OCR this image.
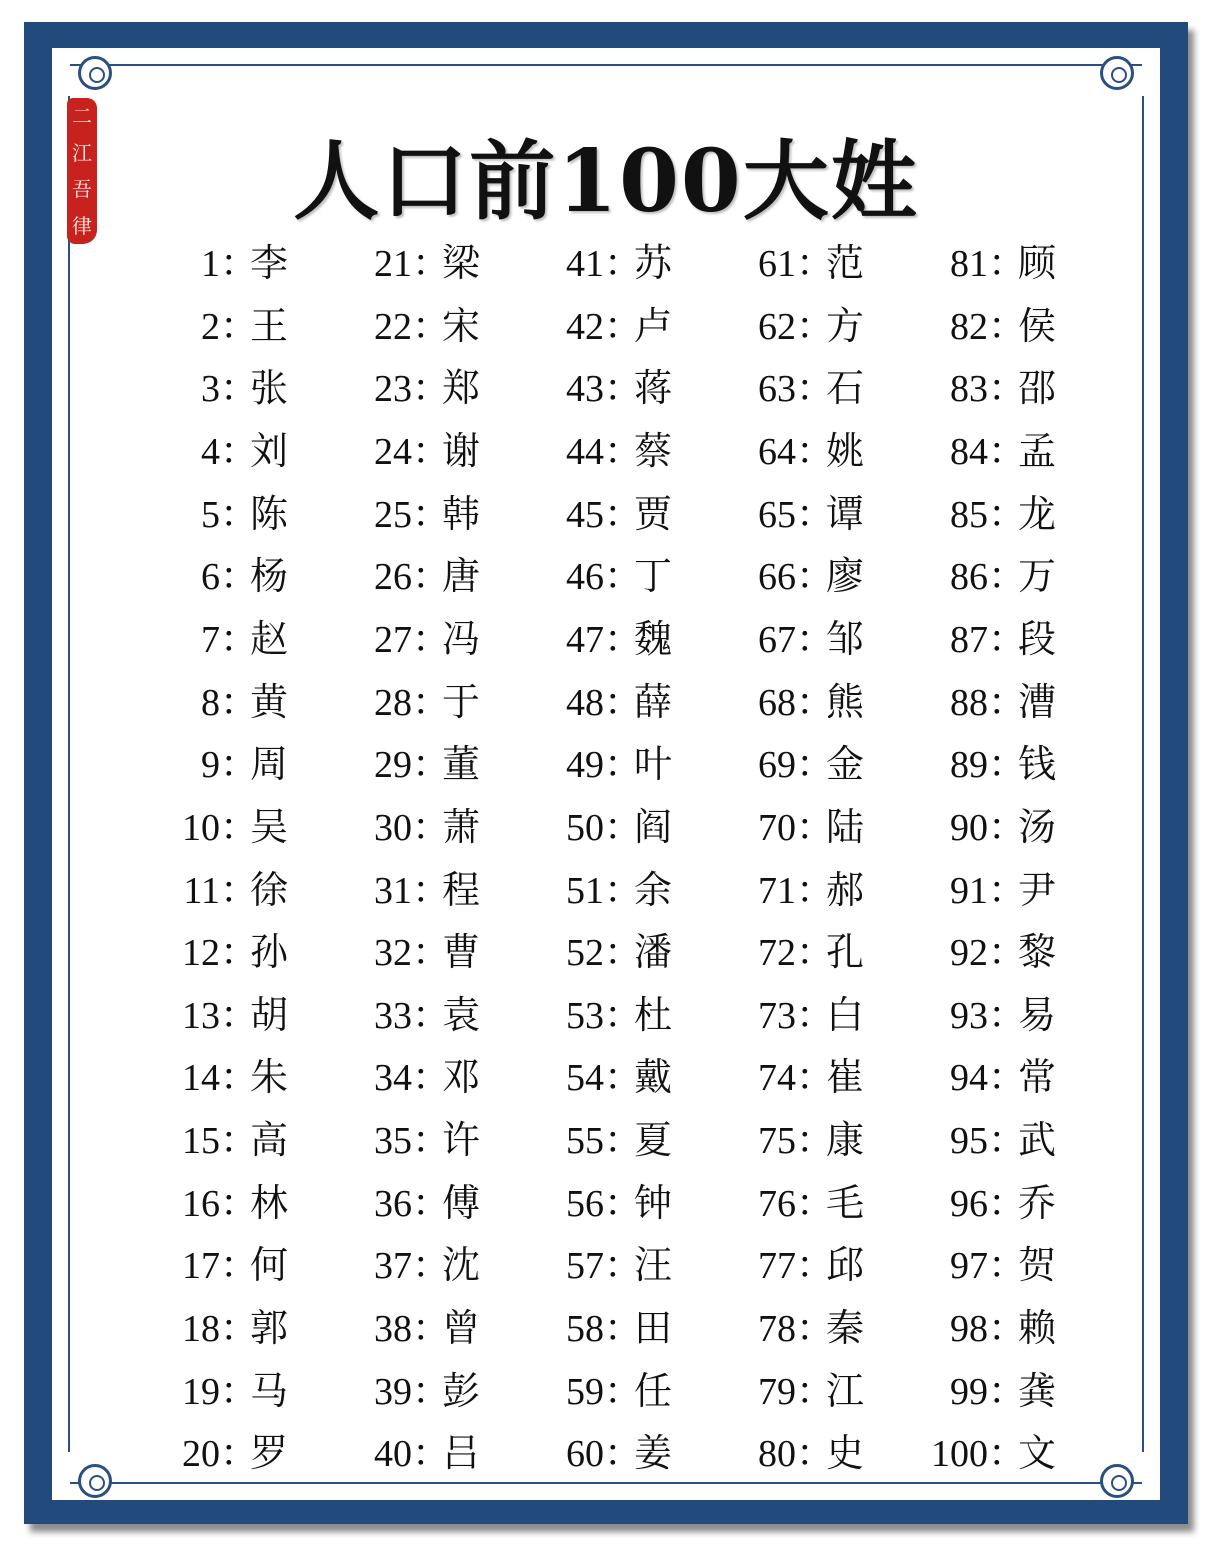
二
江
吾
律	人口前100大姓
1：李
2：王
3：张
4：刘
5：陈
6：杨
7：赵
8：黄
9：周
10：吴
11：徐
12：孙
13：胡
14：朱
15：高
16：林
17：何
18：郭
19：马
20：罗
21：梁
22：宋
23：郑
24：谢
25：韩
26：唐
27：冯
28：于
29：董
30：萧
31：程
32：曹
33：袁
34：邓
35：许
36：傅
37：沈
38：曾
39：彭
40：吕
41：苏
42：卢
43：蒋
44：蔡
45：贾
46：丁
47：魏
48：薛
49：叶
50：阎
51：余
52：潘
53：杜
54：戴
55：夏
56：钟
57：汪
58：田
59：任
60：姜
61：范
62：方
63：石
64：姚
65：谭
66：廖
67：邹
68：熊
69：金
70：陆
71：郝
72：孔
73：白
74：崔
75：康
76：毛
77：邱
78：秦
79：江
80：史
81：顾
82：侯
83：邵
84：孟
85：龙
86：万
87：段
88：漕
89：钱
90：汤
91：尹
92：黎
93：易
94：常
95：武
96：乔
97：贺
98：赖
99：龚
100：文
